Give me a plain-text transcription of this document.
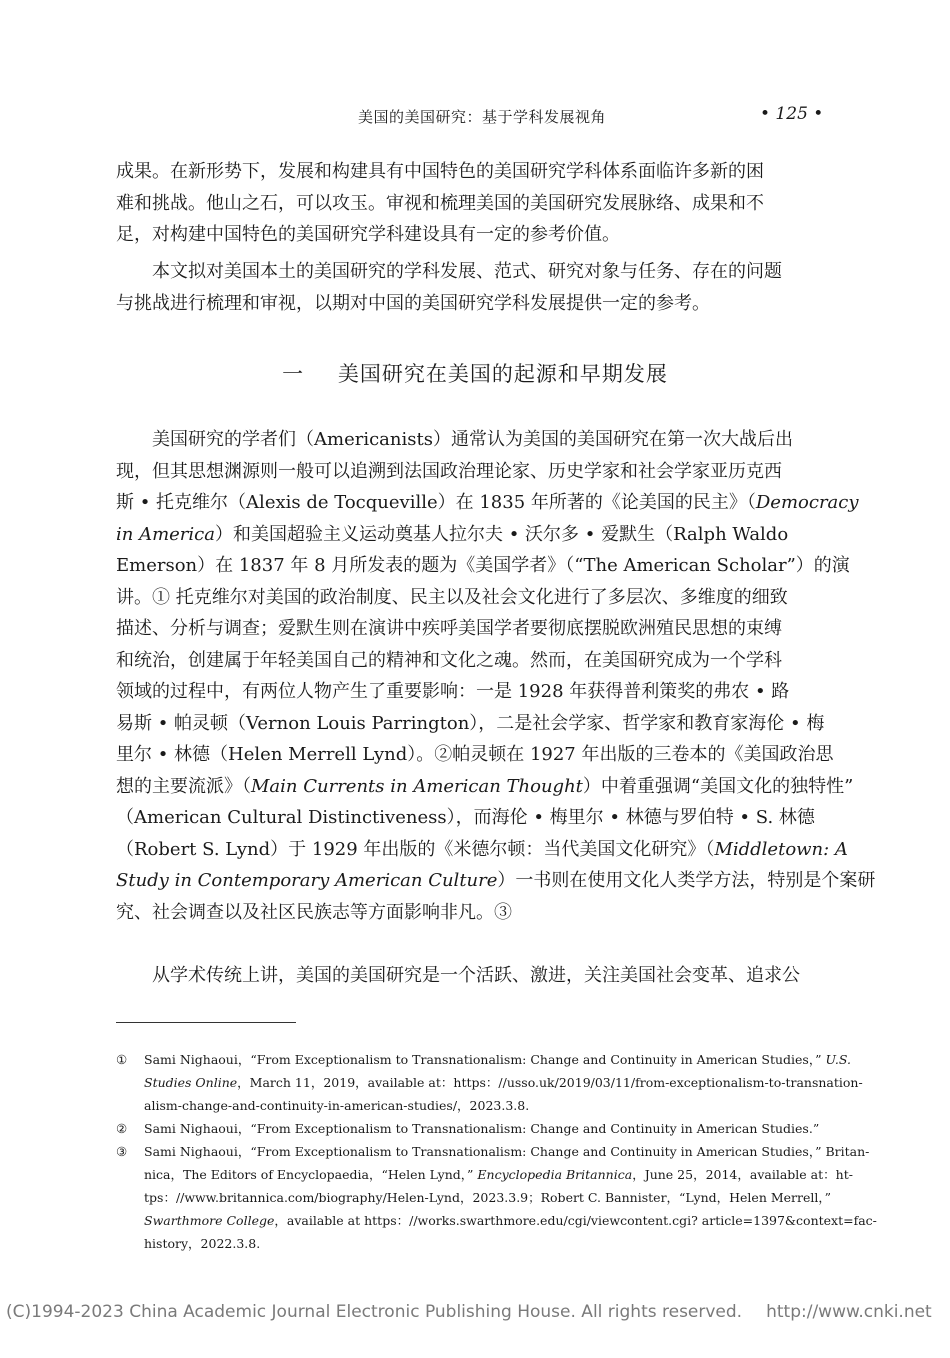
美国的美国研究：基于学科发展视角	• 125 •
成果。在新形势下，发展和构建具有中国特色的美国研究学科体系面临许多新的困
难和挑战。他山之石，可以攻玉。审视和梳理美国的美国研究发展脉络、成果和不
足，对构建中国特色的美国研究学科建设具有一定的参考价值。
本文拟对美国本土的美国研究的学科发展、范式、研究对象与任务、存在的问题
与挑战进行梳理和审视，以期对中国的美国研究学科发展提供一定的参考。
一 美国研究在美国的起源和早期发展
美国研究的学者们（Americanists）通常认为美国的美国研究在第一次大战后出
现，但其思想渊源则一般可以追溯到法国政治理论家、历史学家和社会学家亚历克西
斯 • 托克维尔（Alexis de Tocqueville）在 1835 年所著的《论美国的民主》（Democracy
in America）和美国超验主义运动奠基人拉尔夫 • 沃尔多 • 爱默生（Ralph Waldo
Emerson）在 1837 年 8 月所发表的题为《美国学者》（“The American Scholar”）的演
讲。① 托克维尔对美国的政治制度、民主以及社会文化进行了多层次、多维度的细致
描述、分析与调查；爱默生则在演讲中疾呼美国学者要彻底摆脱欧洲殖民思想的束缚
和统治，创建属于年轻美国自己的精神和文化之魂。然而，在美国研究成为一个学科
领域的过程中，有两位人物产生了重要影响：一是 1928 年获得普利策奖的弗农 • 路
易斯 • 帕灵顿（Vernon Louis Parrington），二是社会学家、哲学家和教育家海伦 • 梅
里尔 • 林德（Helen Merrell Lynd）。②帕灵顿在 1927 年出版的三卷本的《美国政治思
想的主要流派》（Main Currents in American Thought）中着重强调“美国文化的独特性”
（American Cultural Distinctiveness），而海伦 • 梅里尔 • 林德与罗伯特 • S. 林德
（Robert S. Lynd）于 1929 年出版的《米德尔顿：当代美国文化研究》（Middletown: A
Study in Contemporary American Culture）一书则在使用文化人类学方法，特别是个案研
究、社会调查以及社区民族志等方面影响非凡。③
从学术传统上讲，美国的美国研究是一个活跃、激进，关注美国社会变革、追求公
① Sami Nighaoui，“From Exceptionalism to Transnationalism: Change and Continuity in American Studies，” U.S.
Studies Online，March 11，2019，available at：https：//usso.uk/2019/03/11/from-exceptionalism-to-transnation-
alism-change-and-continuity-in-american-studies/，2023.3.8.
② Sami Nighaoui，“From Exceptionalism to Transnationalism: Change and Continuity in American Studies.”
③ Sami Nighaoui，“From Exceptionalism to Transnationalism: Change and Continuity in American Studies，” Britan-
nica，The Editors of Encyclopaedia，“Helen Lynd，” Encyclopedia Britannica，June 25，2014，available at：ht-
tps：//www.britannica.com/biography/Helen-Lynd，2023.3.9；Robert C. Bannister，“Lynd，Helen Merrell，”
Swarthmore College，available at https：//works.swarthmore.edu/cgi/viewcontent.cgi? article=1397&context=fac-
history，2022.3.8.
(C)1994-2023 China Academic Journal Electronic Publishing House. All rights reserved. http://www.cnki.net
